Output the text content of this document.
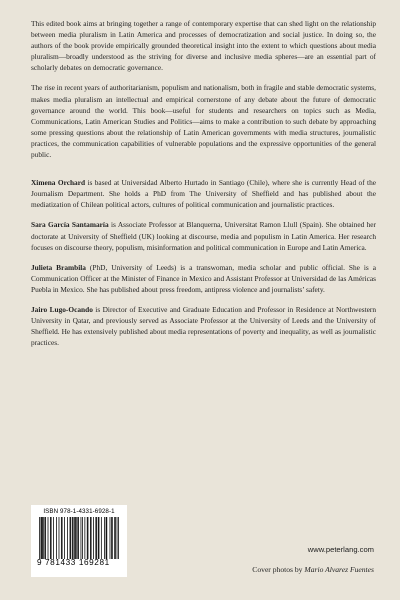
This edited book aims at bringing together a range of contemporary expertise that can shed light on the relationship between media pluralism in Latin America and processes of democratization and social justice. In doing so, the authors of the book provide empirically grounded theoretical insight into the extent to which questions about media pluralism—broadly understood as the striving for diverse and inclusive media spheres—are an essential part of scholarly debates on democratic governance.

The rise in recent years of authoritarianism, populism and nationalism, both in fragile and stable democratic systems, makes media pluralism an intellectual and empirical cornerstone of any debate about the future of democratic governance around the world. This book—useful for students and researchers on topics such as Media, Communications, Latin American Studies and Politics—aims to make a contribution to such debate by approaching some pressing questions about the relationship of Latin American governments with media structures, journalistic practices, the communication capabilities of vulnerable populations and the expressive opportunities of the general public.

Ximena Orchard is based at Universidad Alberto Hurtado in Santiago (Chile), where she is currently Head of the Journalism Department. She holds a PhD from The University of Sheffield and has published about the mediatization of Chilean political actors, cultures of political communication and journalistic practices.

Sara García Santamaría is Associate Professor at Blanquerna, Universitat Ramon Llull (Spain). She obtained her doctorate at University of Sheffield (UK) looking at discourse, media and populism in Latin America. Her research focuses on discourse theory, populism, misinformation and political communication in Europe and Latin America.

Julieta Brambila (PhD, University of Leeds) is a transwoman, media scholar and public official. She is a Communication Officer at the Minister of Finance in Mexico and Assistant Professor at Universidad de las Américas Puebla in Mexico. She has published about press freedom, antipress violence and journalists’ safety.

Jairo Lugo-Ocando is Director of Executive and Graduate Education and Professor in Residence at Northwestern University in Qatar, and previously served as Associate Professor at the University of Leeds and the University of Sheffield. He has extensively published about media representations of poverty and inequality, as well as journalistic practices.

ISBN 978-1-4331-6928-1
9 781433 169281
www.peterlang.com
Cover photos by Mario Alvarez Fuentes
